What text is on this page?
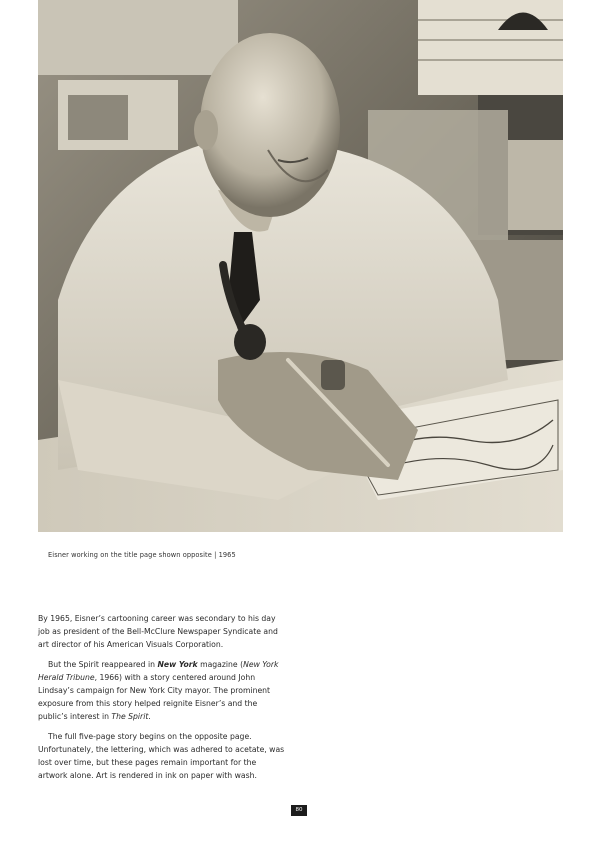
Eisner working on the title page shown opposite | 1965

By 1965, Eisner’s cartooning career was secondary to his day job as president of the Bell-McClure Newspaper Syndicate and art director of his American Visuals Corporation.

But the Spirit reappeared in New York magazine (New York Herald Tribune, 1966) with a story centered around John Lindsay’s campaign for New York City mayor. The prominent exposure from this story helped reignite Eisner’s and the public’s interest in The Spirit.

The full five-page story begins on the opposite page. Unfortunately, the lettering, which was adhered to acetate, was lost over time, but these pages remain important for the artwork alone. Art is rendered in ink on paper with wash.

80
